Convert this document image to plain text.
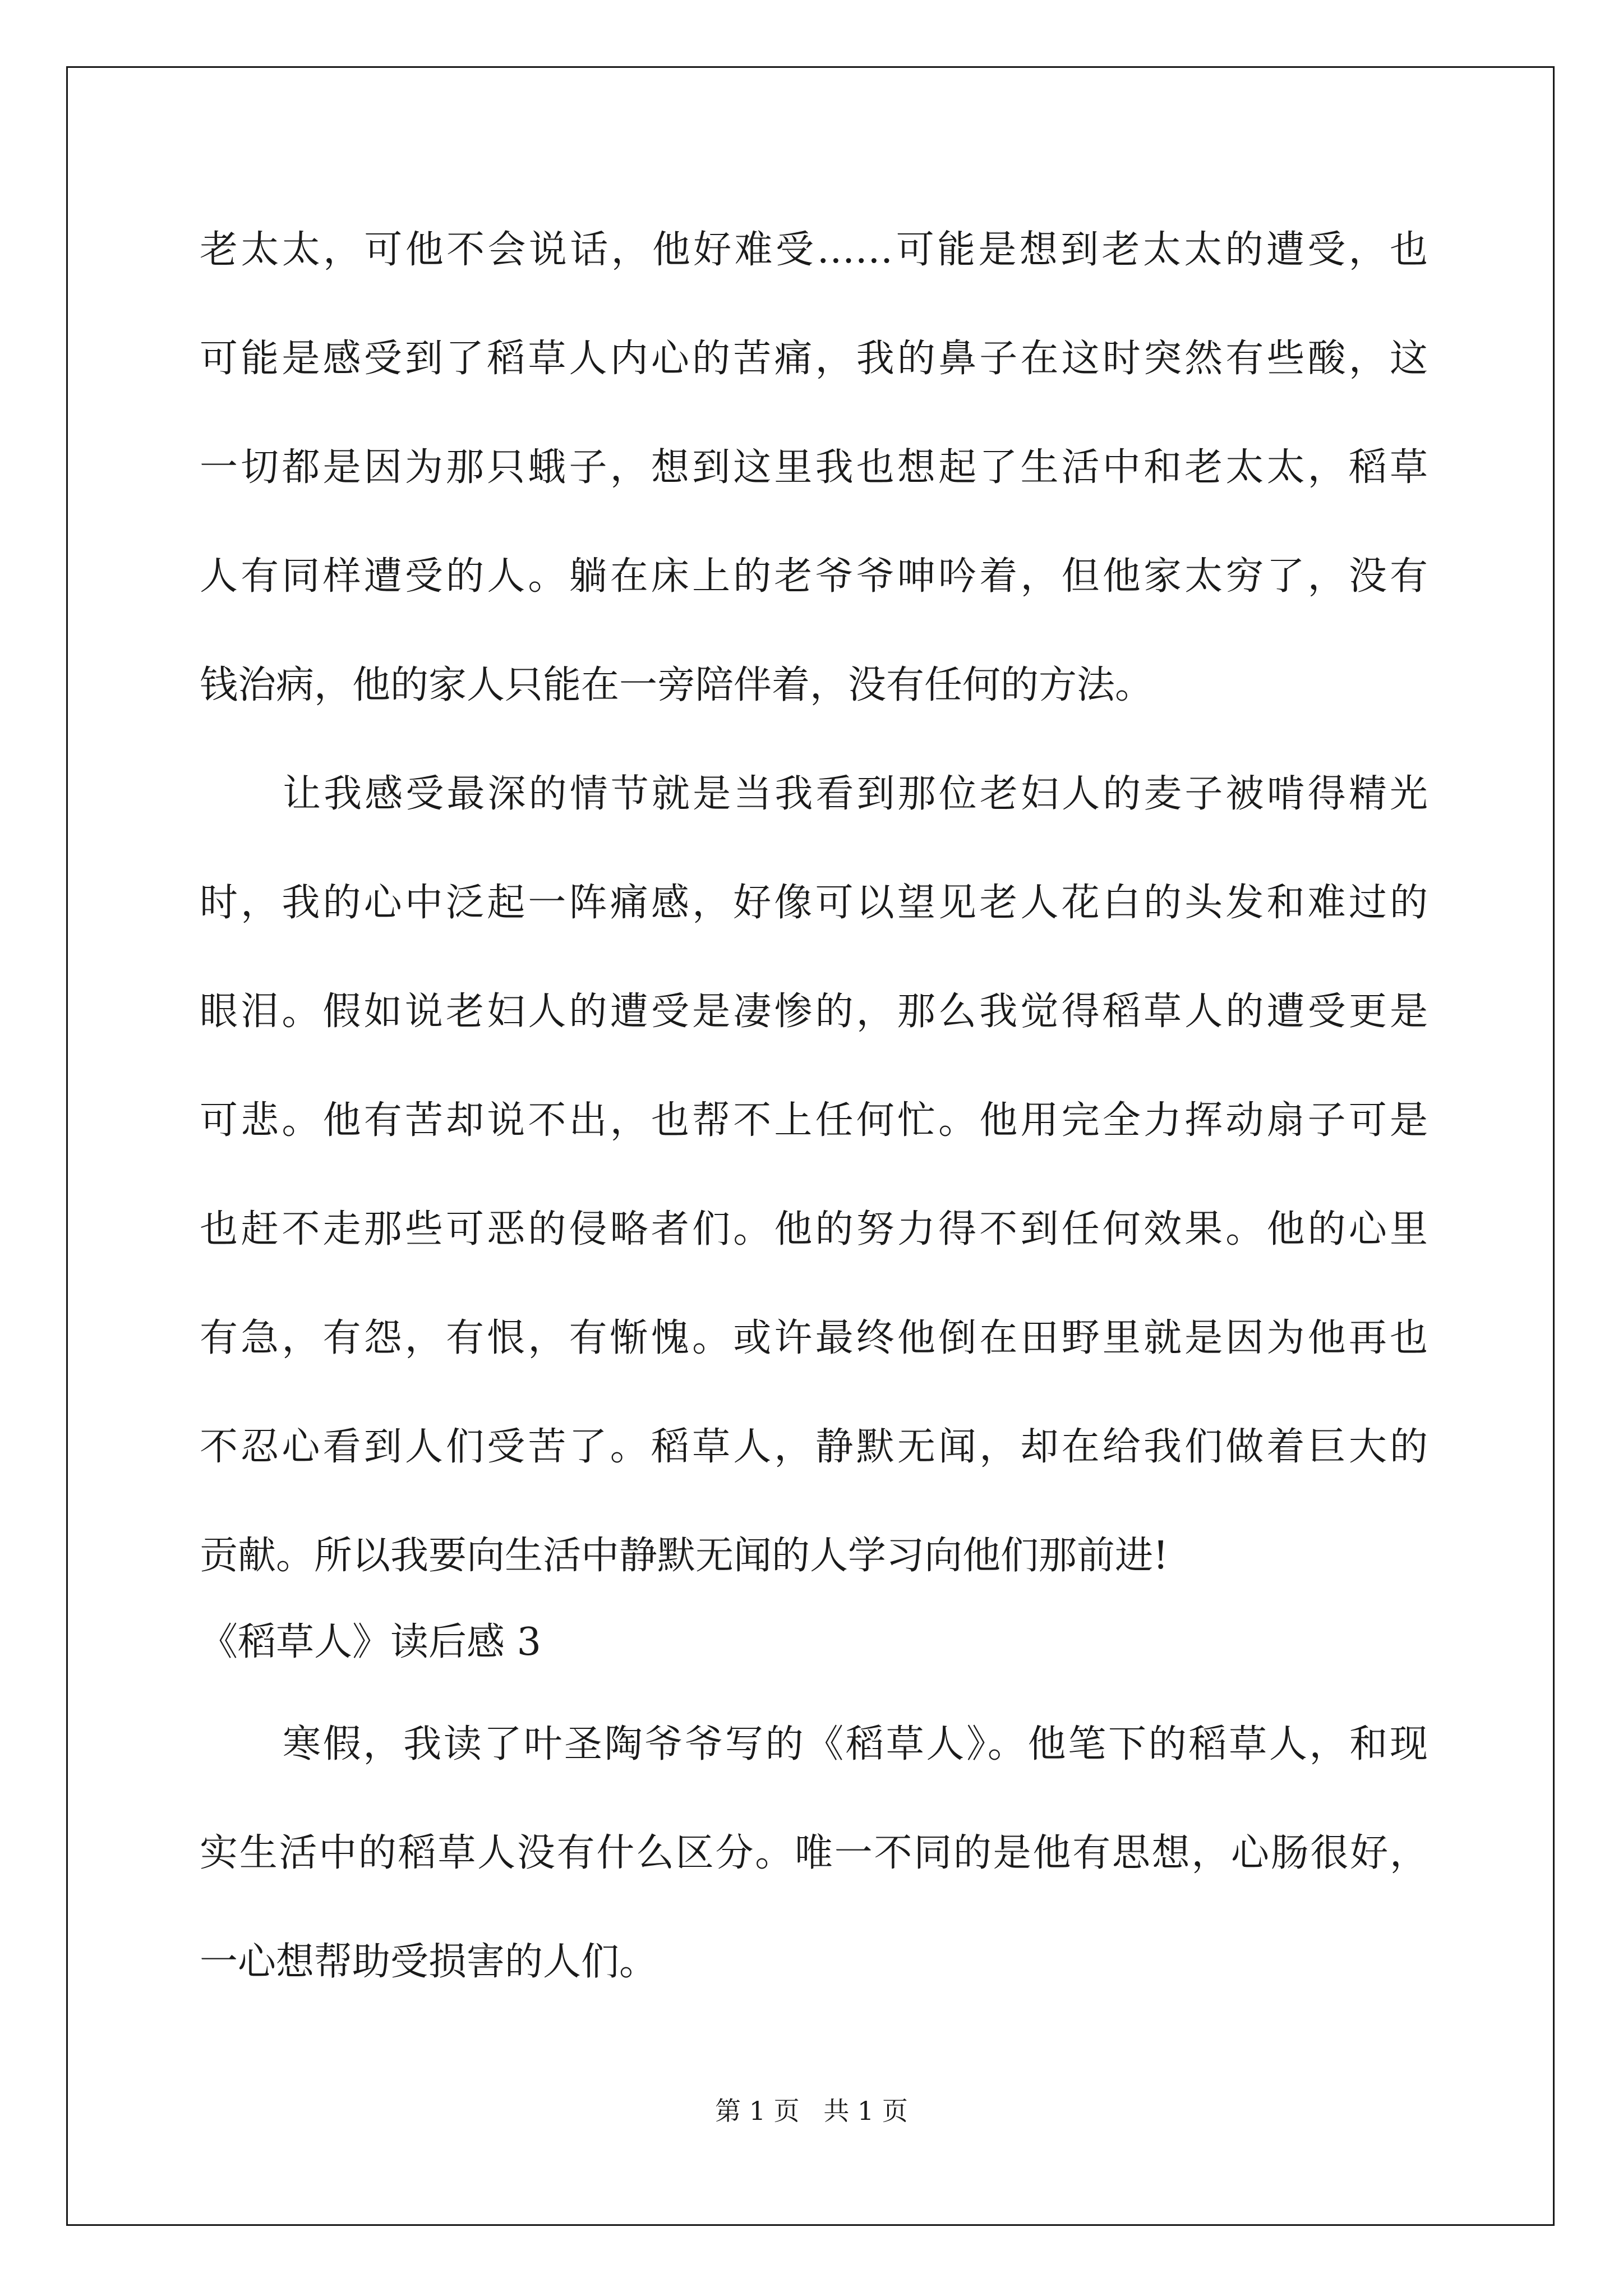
老太太，可他不会说话，他好难受……可能是想到老太太的遭受，也
可能是感受到了稻草人内心的苦痛，我的鼻子在这时突然有些酸，这
一切都是因为那只蛾子，想到这里我也想起了生活中和老太太，稻草
人有同样遭受的人。躺在床上的老爷爷呻吟着，但他家太穷了，没有
钱治病，他的家人只能在一旁陪伴着，没有任何的方法。
让我感受最深的情节就是当我看到那位老妇人的麦子被啃得精光
时，我的心中泛起一阵痛感，好像可以望见老人花白的头发和难过的
眼泪。假如说老妇人的遭受是凄惨的，那么我觉得稻草人的遭受更是
可悲。他有苦却说不出，也帮不上任何忙。他用完全力挥动扇子可是
也赶不走那些可恶的侵略者们。他的努力得不到任何效果。他的心里
有急，有怨，有恨，有惭愧。或许最终他倒在田野里就是因为他再也
不忍心看到人们受苦了。稻草人，静默无闻，却在给我们做着巨大的
贡献。所以我要向生活中静默无闻的人学习向他们那前进!
《稻草人》读后感 3
寒假，我读了叶圣陶爷爷写的《稻草人》。他笔下的稻草人，和现
实生活中的稻草人没有什么区分。唯一不同的是他有思想，心肠很好，
一心想帮助受损害的人们。
第 1 页 共 1 页
